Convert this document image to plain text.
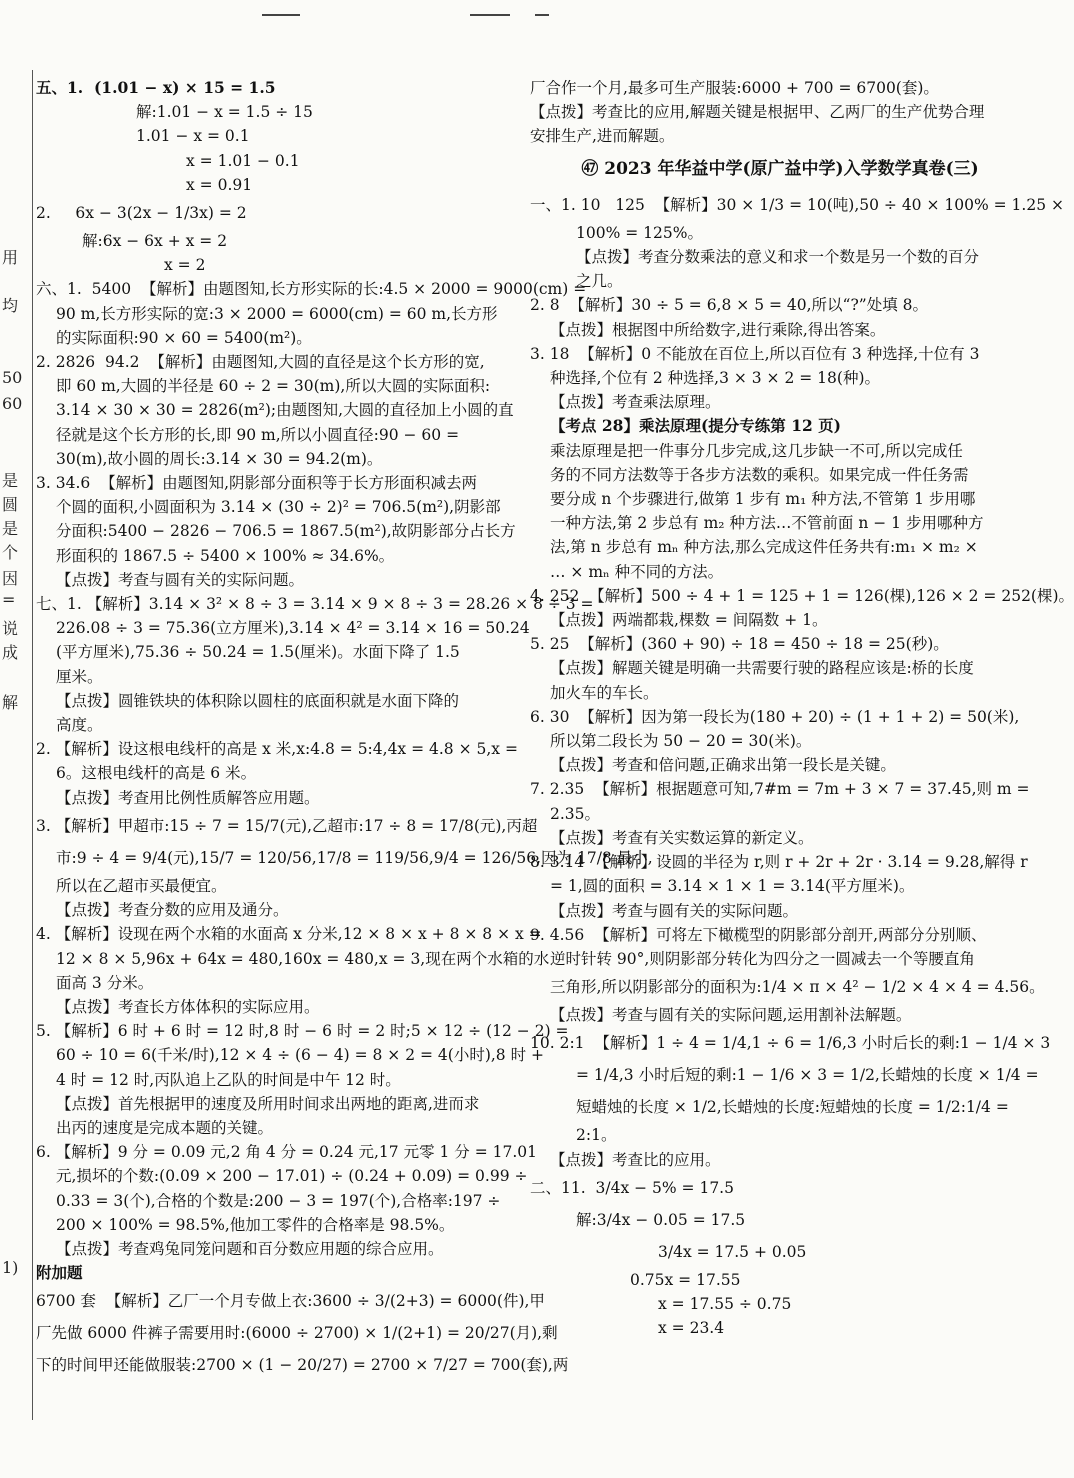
用
均
50
60
是
圆
是
个
因
=
说
成
解
1)
五、1.  (1.01 − x) × 15 = 1.5
解:1.01 − x = 1.5 ÷ 15
1.01 − x = 0.1
x = 1.01 − 0.1
x = 0.91
2.     6x − 3(2x − 1/3x) = 2
解:6x − 6x + x = 2
x = 2
六、1.  5400  【解析】由题图知,长方形实际的长:4.5 × 2000 = 9000(cm) =
90 m,长方形实际的宽:3 × 2000 = 6000(cm) = 60 m,长方形
的实际面积:90 × 60 = 5400(m²)。
2. 2826  94.2  【解析】由题图知,大圆的直径是这个长方形的宽,
即 60 m,大圆的半径是 60 ÷ 2 = 30(m),所以大圆的实际面积:
3.14 × 30 × 30 = 2826(m²);由题图知,大圆的直径加上小圆的直
径就是这个长方形的长,即 90 m,所以小圆直径:90 − 60 =
30(m),故小圆的周长:3.14 × 30 = 94.2(m)。
3. 34.6  【解析】由题图知,阴影部分面积等于长方形面积减去两
个圆的面积,小圆面积为 3.14 × (30 ÷ 2)² = 706.5(m²),阴影部
分面积:5400 − 2826 − 706.5 = 1867.5(m²),故阴影部分占长方
形面积的 1867.5 ÷ 5400 × 100% ≈ 34.6%。
【点拨】考查与圆有关的实际问题。
七、1. 【解析】3.14 × 3² × 8 ÷ 3 = 3.14 × 9 × 8 ÷ 3 = 28.26 × 8 ÷ 3 =
226.08 ÷ 3 = 75.36(立方厘米),3.14 × 4² = 3.14 × 16 = 50.24
(平方厘米),75.36 ÷ 50.24 = 1.5(厘米)。水面下降了 1.5
厘米。
【点拨】圆锥铁块的体积除以圆柱的底面积就是水面下降的
高度。
2. 【解析】设这根电线杆的高是 x 米,x:4.8 = 5:4,4x = 4.8 × 5,x =
6。这根电线杆的高是 6 米。
【点拨】考查用比例性质解答应用题。
3. 【解析】甲超市:15 ÷ 7 = 15/7(元),乙超市:17 ÷ 8 = 17/8(元),丙超
市:9 ÷ 4 = 9/4(元),15/7 = 120/56,17/8 = 119/56,9/4 = 126/56,因为 17/8 最小,
所以在乙超市买最便宜。
【点拨】考查分数的应用及通分。
4. 【解析】设现在两个水箱的水面高 x 分米,12 × 8 × x + 8 × 8 × x =
12 × 8 × 5,96x + 64x = 480,160x = 480,x = 3,现在两个水箱的水
面高 3 分米。
【点拨】考查长方体体积的实际应用。
5. 【解析】6 时 + 6 时 = 12 时,8 时 − 6 时 = 2 时;5 × 12 ÷ (12 − 2) =
60 ÷ 10 = 6(千米/时),12 × 4 ÷ (6 − 4) = 8 × 2 = 4(小时),8 时 +
4 时 = 12 时,丙队追上乙队的时间是中午 12 时。
【点拨】首先根据甲的速度及所用时间求出两地的距离,进而求
出丙的速度是完成本题的关键。
6. 【解析】9 分 = 0.09 元,2 角 4 分 = 0.24 元,17 元零 1 分 = 17.01
元,损坏的个数:(0.09 × 200 − 17.01) ÷ (0.24 + 0.09) = 0.99 ÷
0.33 = 3(个),合格的个数是:200 − 3 = 197(个),合格率:197 ÷
200 × 100% = 98.5%,他加工零件的合格率是 98.5%。
【点拨】考查鸡兔同笼问题和百分数应用题的综合应用。
附加题
6700 套  【解析】乙厂一个月专做上衣:3600 ÷ 3/(2+3) = 6000(件),甲
厂先做 6000 件裤子需要用时:(6000 ÷ 2700) × 1/(2+1) = 20/27(月),剩
下的时间甲还能做服装:2700 × (1 − 20/27) = 2700 × 7/27 = 700(套),两
厂合作一个月,最多可生产服装:6000 + 700 = 6700(套)。
【点拨】考查比的应用,解题关键是根据甲、乙两厂的生产优势合理
安排生产,进而解题。
㊼ 2023 年华益中学(原广益中学)入学数学真卷(三)
一、1. 10   125  【解析】30 × 1/3 = 10(吨),50 ÷ 40 × 100% = 1.25 ×
100% = 125%。
【点拨】考查分数乘法的意义和求一个数是另一个数的百分
之几。
2. 8  【解析】30 ÷ 5 = 6,8 × 5 = 40,所以“?”处填 8。
【点拨】根据图中所给数字,进行乘除,得出答案。
3. 18  【解析】0 不能放在百位上,所以百位有 3 种选择,十位有 3
种选择,个位有 2 种选择,3 × 3 × 2 = 18(种)。
【点拨】考查乘法原理。
【考点 28】乘法原理(提分专练第 12 页)
乘法原理是把一件事分几步完成,这几步缺一不可,所以完成任
务的不同方法数等于各步方法数的乘积。如果完成一件任务需
要分成 n 个步骤进行,做第 1 步有 m₁ 种方法,不管第 1 步用哪
一种方法,第 2 步总有 m₂ 种方法…不管前面 n − 1 步用哪种方
法,第 n 步总有 mₙ 种方法,那么完成这件任务共有:m₁ × m₂ ×
… × mₙ 种不同的方法。
4. 252  【解析】500 ÷ 4 + 1 = 125 + 1 = 126(棵),126 × 2 = 252(棵)。
【点拨】两端都栽,棵数 = 间隔数 + 1。
5. 25  【解析】(360 + 90) ÷ 18 = 450 ÷ 18 = 25(秒)。
【点拨】解题关键是明确一共需要行驶的路程应该是:桥的长度
加火车的车长。
6. 30  【解析】因为第一段长为(180 + 20) ÷ (1 + 1 + 2) = 50(米),
所以第二段长为 50 − 20 = 30(米)。
【点拨】考查和倍问题,正确求出第一段长是关键。
7. 2.35  【解析】根据题意可知,7#m = 7m + 3 × 7 = 37.45,则 m =
2.35。
【点拨】考查有关实数运算的新定义。
8. 3.14  【解析】设圆的半径为 r,则 r + 2r + 2r · 3.14 = 9.28,解得 r
= 1,圆的面积 = 3.14 × 1 × 1 = 3.14(平方厘米)。
【点拨】考查与圆有关的实际问题。
9. 4.56  【解析】可将左下橄榄型的阴影部分剖开,两部分分别顺、
逆时针转 90°,则阴影部分转化为四分之一圆减去一个等腰直角
三角形,所以阴影部分的面积为:1/4 × π × 4² − 1/2 × 4 × 4 = 4.56。
【点拨】考查与圆有关的实际问题,运用割补法解题。
10. 2:1  【解析】1 ÷ 4 = 1/4,1 ÷ 6 = 1/6,3 小时后长的剩:1 − 1/4 × 3
= 1/4,3 小时后短的剩:1 − 1/6 × 3 = 1/2,长蜡烛的长度 × 1/4 =
短蜡烛的长度 × 1/2,长蜡烛的长度:短蜡烛的长度 = 1/2:1/4 =
2:1。
【点拨】考查比的应用。
二、11.  3/4x − 5% = 17.5
解:3/4x − 0.05 = 17.5
3/4x = 17.5 + 0.05
0.75x = 17.55
x = 17.55 ÷ 0.75
x = 23.4
